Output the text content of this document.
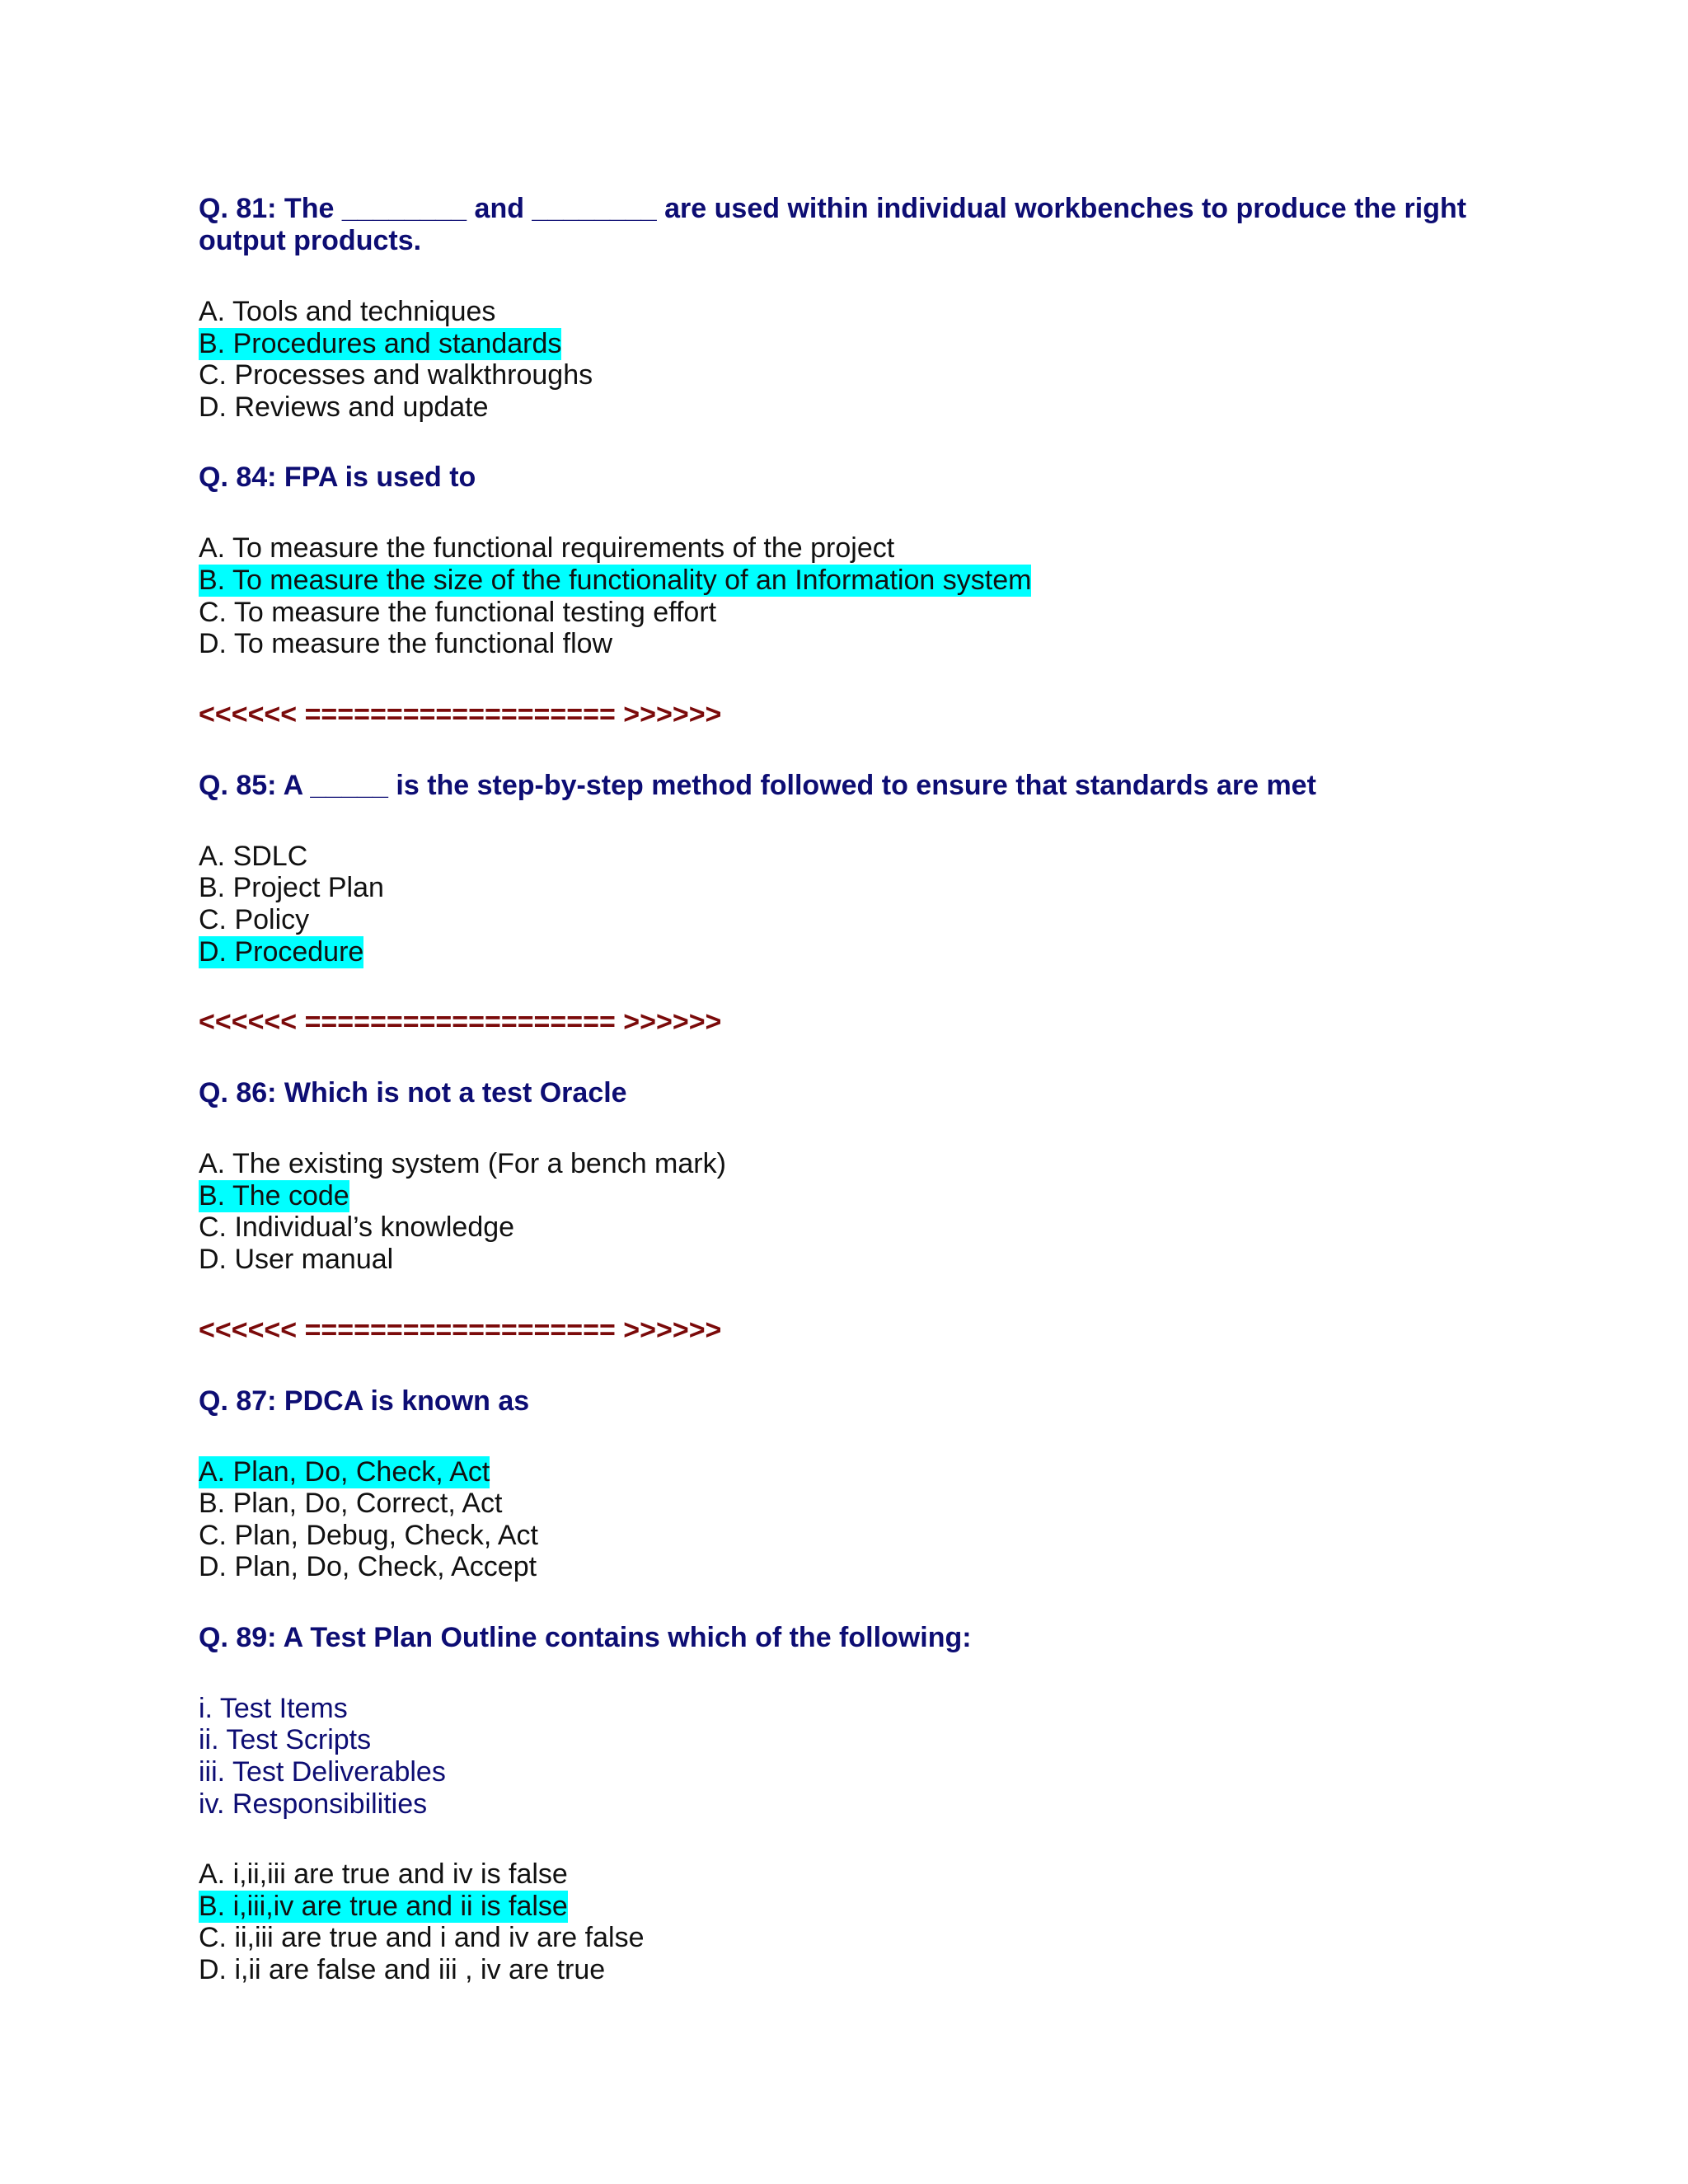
Q. 81: The ________ and ________ are used within individual workbenches to produce the right

output products.

A. Tools and techniques
B. Procedures and standards
C. Processes and walkthroughs
D. Reviews and update

Q. 84: FPA is used to

A. To measure the functional requirements of the project
B. To measure the size of the functionality of an Information system
C. To measure the functional testing effort
D. To measure the functional flow

<<<<<< =================== >>>>>>

Q. 85: A _____ is the step-by-step method followed to ensure that standards are met

A. SDLC
B. Project Plan
C. Policy
D. Procedure

<<<<<< =================== >>>>>>

Q. 86: Which is not a test Oracle

A. The existing system (For a bench mark)
B. The code
C. Individual’s knowledge
D. User manual

<<<<<< =================== >>>>>>

Q. 87: PDCA is known as

A. Plan, Do, Check, Act
B. Plan, Do, Correct, Act
C. Plan, Debug, Check, Act
D. Plan, Do, Check, Accept

Q. 89: A Test Plan Outline contains which of the following:

i. Test Items
ii. Test Scripts
iii. Test Deliverables
iv. Responsibilities
A. i,ii,iii are true and iv is false
B. i,iii,iv are true and ii is false
C. ii,iii are true and i and iv are false
D. i,ii are false and iii , iv are true
